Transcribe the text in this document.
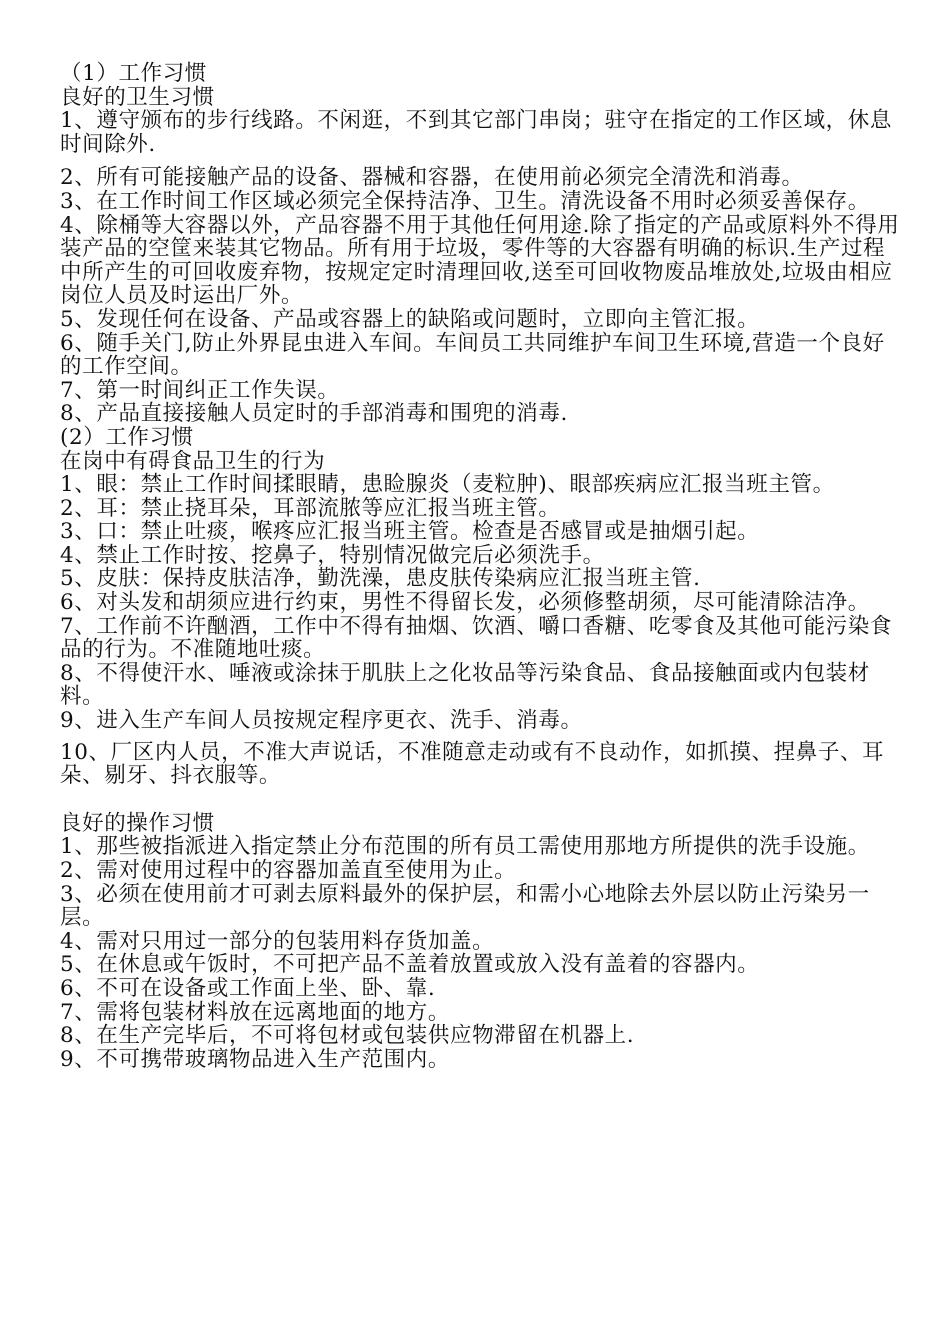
（1）工作习惯

良好的卫生习惯

1、遵守颁布的步行线路。不闲逛，不到其它部门串岗；驻守在指定的工作区域，休息时间除外.

2、所有可能接触产品的设备、器械和容器，在使用前必须完全清洗和消毒。

3、在工作时间工作区域必须完全保持洁净、卫生。清洗设备不用时必须妥善保存。

4、除桶等大容器以外，产品容器不用于其他任何用途.除了指定的产品或原料外不得用装产品的空筐来装其它物品。所有用于垃圾，零件等的大容器有明确的标识.生产过程中所产生的可回收废弃物，按规定定时清理回收,送至可回收物废品堆放处,垃圾由相应岗位人员及时运出厂外。

5、发现任何在设备、产品或容器上的缺陷或问题时，立即向主管汇报。

6、随手关门,防止外界昆虫进入车间。车间员工共同维护车间卫生环境,营造一个良好的工作空间。

7、第一时间纠正工作失误。

8、产品直接接触人员定时的手部消毒和围兜的消毒.

(2）工作习惯

在岗中有碍食品卫生的行为

1、眼：禁止工作时间揉眼睛，患睑腺炎（麦粒肿)、眼部疾病应汇报当班主管。

2、耳：禁止挠耳朵，耳部流脓等应汇报当班主管。

3、口：禁止吐痰，喉疼应汇报当班主管。检查是否感冒或是抽烟引起。

4、禁止工作时按、挖鼻子，特别情况做完后必须洗手。

5、皮肤：保持皮肤洁净，勤洗澡，患皮肤传染病应汇报当班主管.

6、对头发和胡须应进行约束，男性不得留长发，必须修整胡须，尽可能清除洁净。

7、工作前不许酗酒，工作中不得有抽烟、饮酒、嚼口香糖、吃零食及其他可能污染食品的行为。不准随地吐痰。

8、不得使汗水、唾液或涂抹于肌肤上之化妆品等污染食品、食品接触面或内包装材料。

9、进入生产车间人员按规定程序更衣、洗手、消毒。

10、厂区内人员，不准大声说话，不准随意走动或有不良动作，如抓摸、捏鼻子、耳朵、剔牙、抖衣服等。

良好的操作习惯

1、那些被指派进入指定禁止分布范围的所有员工需使用那地方所提供的洗手设施。

2、需对使用过程中的容器加盖直至使用为止。

3、必须在使用前才可剥去原料最外的保护层，和需小心地除去外层以防止污染另一层。

4、需对只用过一部分的包装用料存货加盖。

5、在休息或午饭时，不可把产品不盖着放置或放入没有盖着的容器内。

6、不可在设备或工作面上坐、卧、靠.

7、需将包装材料放在远离地面的地方。

8、在生产完毕后，不可将包材或包装供应物滞留在机器上.

9、不可携带玻璃物品进入生产范围内。
